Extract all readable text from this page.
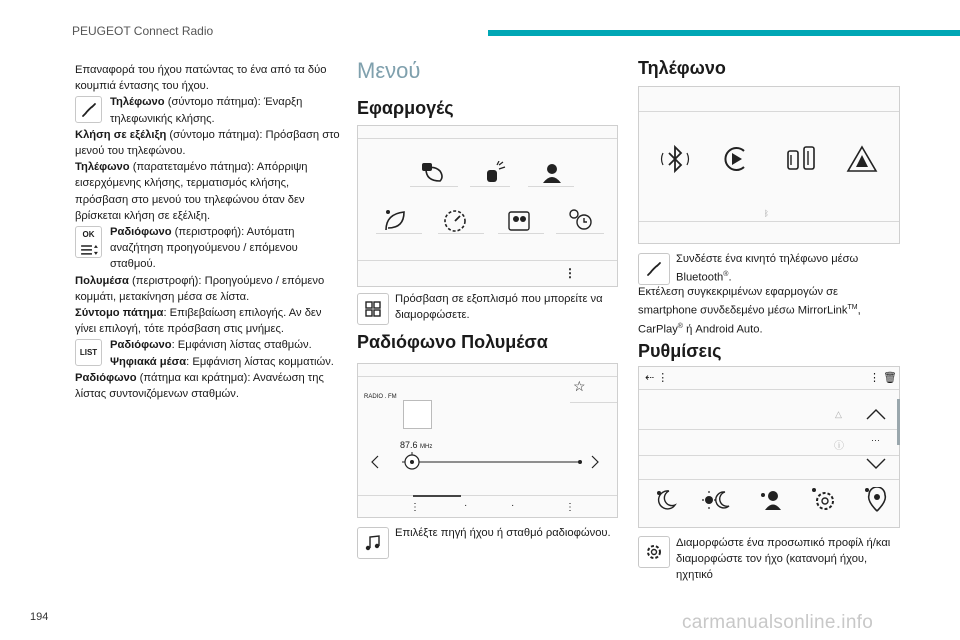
PEUGEOT Connect Radio

Επαναφορά του ήχου πατώντας το ένα από τα δύο κουμπιά έντασης του ήχου.

Τηλέφωνο (σύντομο πάτημα): Έναρξη τηλεφωνικής κλήσης.

Κλήση σε εξέλιξη (σύντομο πάτημα): Πρόσβαση στο μενού του τηλεφώνου.

Τηλέφωνο (παρατεταμένο πάτημα): Απόρριψη εισερχόμενης κλήσης, τερματισμός κλήσης, πρόσβαση στο μενού του τηλεφώνου όταν δεν βρίσκεται κλήση σε εξέλιξη.

OK Ραδιόφωνο (περιστροφή): Αυτόματη αναζήτηση προηγούμενου / επόμενου σταθμού.

Πολυμέσα (περιστροφή): Προηγούμενο / επόμενο κομμάτι, μετακίνηση μέσα σε λίστα.

Σύντομο πάτημα: Επιβεβαίωση επιλογής. Αν δεν γίνει επιλογή, τότε πρόσβαση στις μνήμες.

LIST
Ραδιόφωνο: Εμφάνιση λίστας σταθμών.
Ψηφιακά μέσα: Εμφάνιση λίστας κομματιών.

Ραδιόφωνο (πάτημα και κράτημα): Ανανέωση της λίστας συντονιζόμενων σταθμών.

Μενού
Εφαρμογές
⋮
Πρόσβαση σε εξοπλισμό που μπορείτε να διαμορφώσετε.
Ραδιόφωνο Πολυμέσα
RADIO . FM
☆
87.6 MHz
⋮	·	·	⋮
Επιλέξτε πηγή ήχου ή σταθμό ραδιοφώνου.
Τηλέφωνο
ᛒ
Συνδέστε ένα κινητό τηλέφωνο μέσω Bluetooth®.
Εκτέλεση συγκεκριμένων εφαρμογών σε smartphone συνδεδεμένο μέσω MirrorLink™, CarPlay® ή Android Auto.
Ρυθμίσεις
⇠ ⋮	⋮ 🗑
△
ⓘ
···
Διαμορφώστε ένα προσωπικό προφίλ ή/και διαμορφώστε τον ήχο (κατανομή ήχου, ηχητικό
194	carmanualsonline.info
